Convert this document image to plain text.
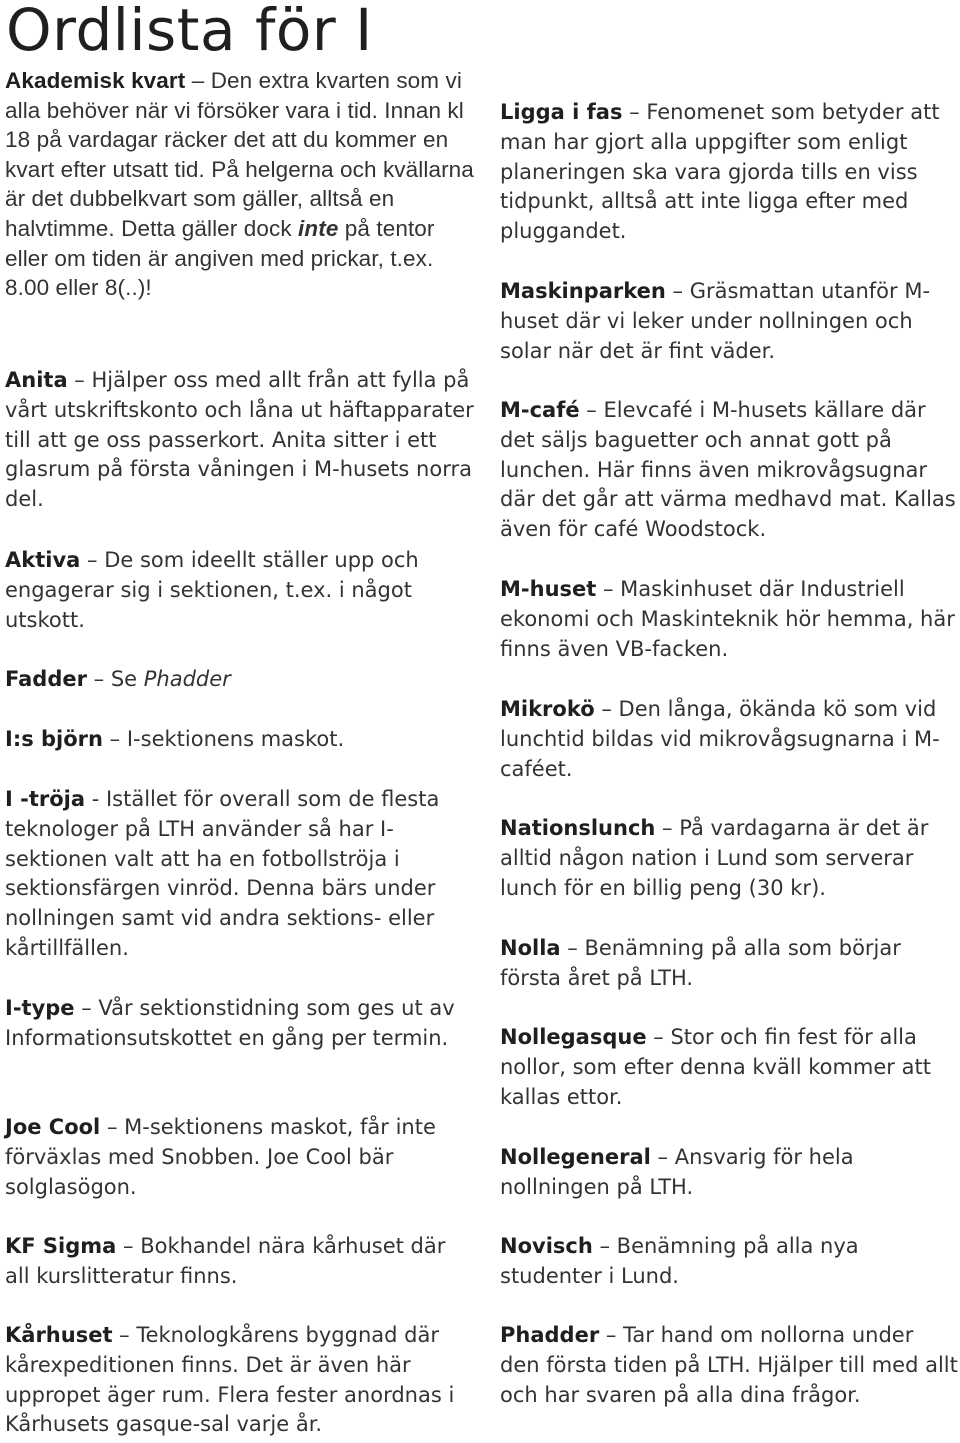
Ordlista för I

Akademisk kvart – Den extra kvarten som vi alla behöver när vi försöker vara i tid. Innan kl 18 på vardagar räcker det att du kommer en kvart efter utsatt tid. På helgerna och kvällarna är det dubbelkvart som gäller, alltså en halvtimme. Detta gäller dock inte på tentor eller om tiden är angiven med prickar, t.ex. 8.00 eller 8(..)!

Anita – Hjälper oss med allt från att fylla på vårt utskriftskonto och låna ut häftapparater till att ge oss passerkort. Anita sitter i ett glasrum på första våningen i M-husets norra del.

Aktiva – De som ideellt ställer upp och engagerar sig i sektionen, t.ex. i något utskott.

Fadder – Se Phadder

I:s björn – I-sektionens maskot.

I -tröja - Istället för overall som de flesta teknologer på LTH använder så har I-sektionen valt att ha en fotbollströja i sektionsfärgen vinröd. Denna bärs under nollningen samt vid andra sektions- eller kårtillfällen.

I-type – Vår sektionstidning som ges ut av Informationsutskottet en gång per termin.

Joe Cool – M-sektionens maskot, får inte förväxlas med Snobben. Joe Cool bär solglasögon.

KF Sigma – Bokhandel nära kårhuset där all kurslitteratur finns.

Kårhuset – Teknologkårens byggnad där kårexpeditionen finns. Det är även här uppropet äger rum. Flera fester anordnas i Kårhusets gasque-sal varje år.

Ligga i fas – Fenomenet som betyder att man har gjort alla uppgifter som enligt planeringen ska vara gjorda tills en viss tidpunkt, alltså att inte ligga efter med pluggandet.

Maskinparken – Gräsmattan utanför M-huset där vi leker under nollningen och solar när det är fint väder.

M-café – Elevcafé i M-husets källare där det säljs baguetter och annat gott på lunchen. Här finns även mikrovågsugnar där det går att värma medhavd mat. Kallas även för café Woodstock.

M-huset – Maskinhuset där Industriell ekonomi och Maskinteknik hör hemma, här finns även VB-facken.

Mikrokö – Den långa, ökända kö som vid lunchtid bildas vid mikrovågsugnarna i M-caféet.

Nationslunch – På vardagarna är det är alltid någon nation i Lund som serverar lunch för en billig peng (30 kr).

Nolla – Benämning på alla som börjar första året på LTH.

Nollegasque – Stor och fin fest för alla nollor, som efter denna kväll kommer att kallas ettor.

Nollegeneral – Ansvarig för hela nollningen på LTH.

Novisch – Benämning på alla nya studenter i Lund.

Phadder – Tar hand om nollorna under den första tiden på LTH. Hjälper till med allt och har svaren på alla dina frågor.
